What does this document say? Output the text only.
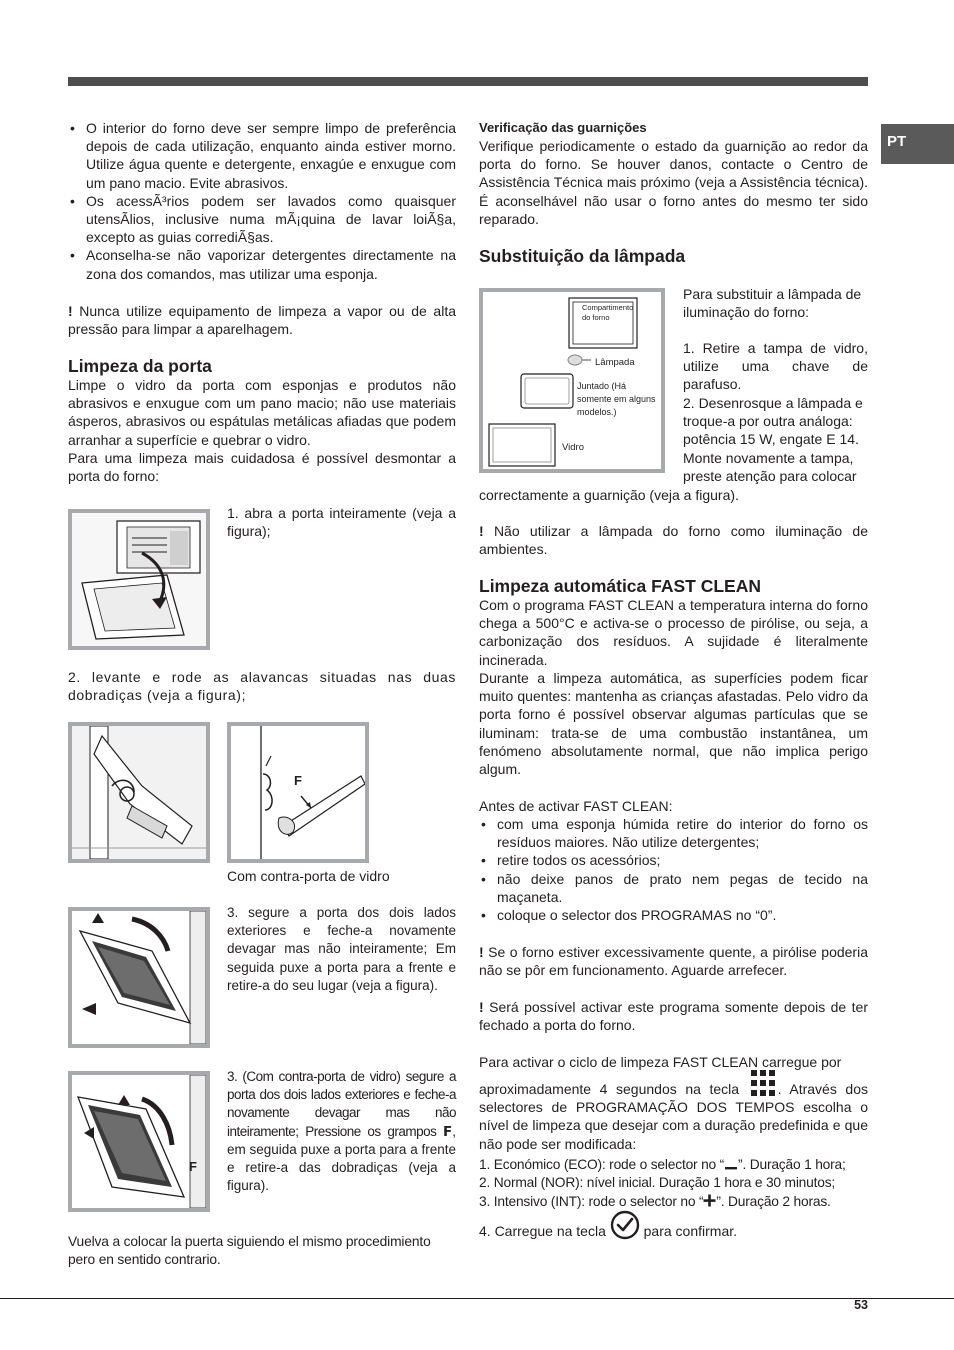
PT
53
• O interior do forno deve ser sempre limpo de preferência depois de cada utilização, enquanto ainda estiver morno. Utilize água quente e detergente, enxagúe e enxugue com um pano macio. Evite abrasivos.
• Os acessÃ³rios podem ser lavados como quaisquer utensÃlios, inclusive numa mÃ¡quina de lavar loiÃ§a, excepto as guias corrediÃ§as.
• Aconselha-se não vaporizar detergentes directamente na zona dos comandos, mas utilizar uma esponja.
! Nunca utilize equipamento de limpeza a vapor ou de alta pressão para limpar a aparelhagem.
Limpeza da porta
Limpe o vidro da porta com esponjas e produtos não abrasivos e enxugue com um pano macio; não use materiais ásperos, abrasivos ou espátulas metálicas afiadas que podem arranhar a superfície e quebrar o vidro.
Para uma limpeza mais cuidadosa é possível desmontar a porta do forno:
1. abra a porta inteiramente (veja a figura);
2. levante e rode as alavancas situadas nas duas dobradiças (veja a figura);
F
Com contra-porta de vidro
3. segure a porta dos dois lados exteriores e feche-a novamente devagar mas não inteiramente; Em seguida puxe a porta para a frente e retire-a do seu lugar (veja a figura).
F
3. (Com contra-porta de vidro) segure a porta dos dois lados exteriores e feche-a novamente devagar mas não inteiramente; Pressione os grampos F, em seguida puxe a porta para a frente e retire-a das dobradiças (veja a figura).
Vuelva a colocar la puerta siguiendo el mismo procedimiento pero en sentido contrario.
Verificação das guarnições
Verifique periodicamente o estado da guarnição ao redor da porta do forno. Se houver danos, contacte o Centro de Assistência Técnica mais próximo (veja a Assistência técnica). É aconselhável não usar o forno antes do mesmo ter sido reparado.
Substituição da lâmpada
Compartimento do forno
Lâmpada
Juntado (Há somente em alguns modelos.)
Vidro
Para substituir a lâmpada de iluminação do forno:
1. Retire a tampa de vidro, utilize uma chave de parafuso.
2. Desenrosque a lâmpada e troque-a por outra análoga: potência 15 W, engate E 14. Monte novamente a tampa, preste atenção para colocar
correctamente a guarnição (veja a figura).
! Não utilizar a lâmpada do forno como iluminação de ambientes.
Limpeza automática FAST CLEAN
Com o programa FAST CLEAN a temperatura interna do forno chega a 500°C e activa-se o processo de pirólise, ou seja, a carbonização dos resíduos. A sujidade é literalmente incinerada.
Durante a limpeza automática, as superfícies podem ficar muito quentes: mantenha as crianças afastadas. Pelo vidro da porta forno é possível observar algumas partículas que se iluminam: trata-se de uma combustão instantânea, um fenómeno absolutamente normal, que não implica perigo algum.
Antes de activar FAST CLEAN:
• com uma esponja húmida retire do interior do forno os resíduos maiores. Não utilize detergentes;
• retire todos os acessórios;
• não deixe panos de prato nem pegas de tecido na maçaneta.
• coloque o selector dos PROGRAMAS no “0”.
! Se o forno estiver excessivamente quente, a pirólise poderia não se pôr em funcionamento. Aguarde arrefecer.
! Será possível activar este programa somente depois de ter fechado a porta do forno.
Para activar o ciclo de limpeza FAST CLEAN carregue por
aproximadamente 4 segundos na tecla . Através dos selectores de PROGRAMAÇÃO DOS TEMPOS escolha o nível de limpeza que desejar com a duração predefinida e que não pode ser modificada:
1. Económico (ECO): rode o selector no “ ”. Duração 1 hora;
2. Normal (NOR): nível inicial. Duração 1 hora e 30 minutos;
3. Intensivo (INT): rode o selector no “ ”. Duração 2 horas.
4. Carregue na tecla  para confirmar.
